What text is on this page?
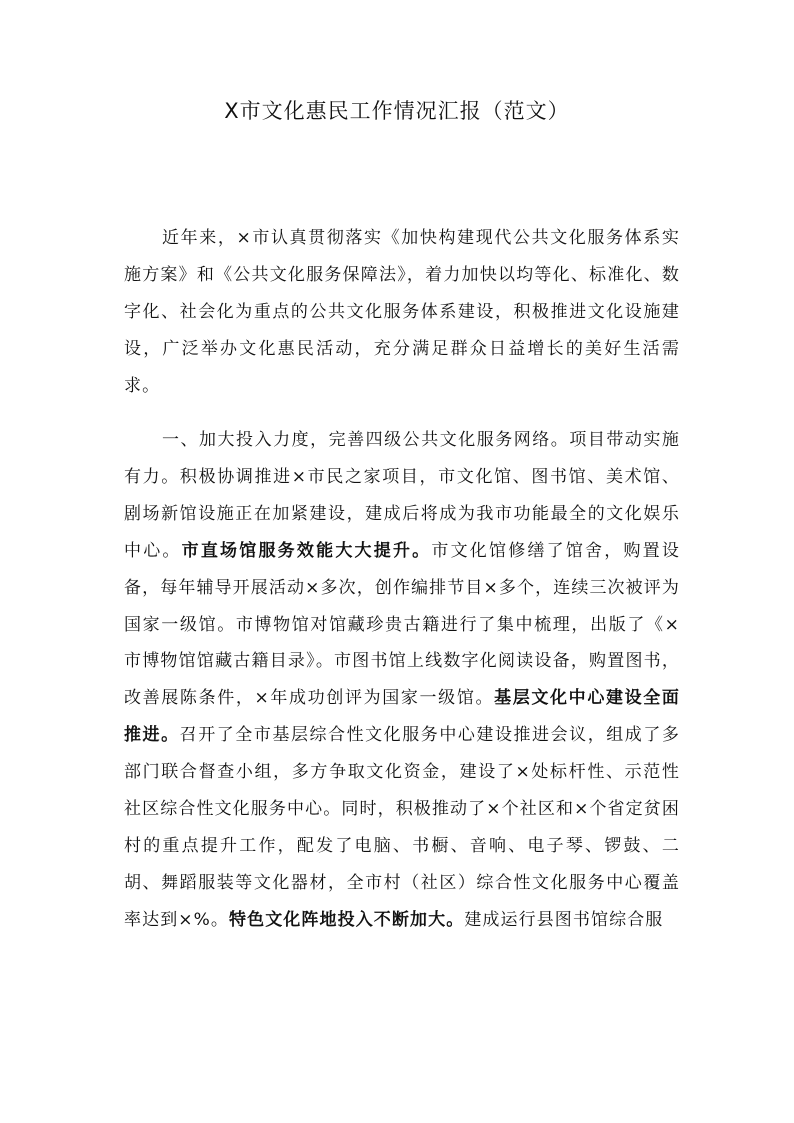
X市文化惠民工作情况汇报（范文）

近年来，×市认真贯彻落实《加快构建现代公共文化服务体系实施方案》和《公共文化服务保障法》，着力加快以均等化、标准化、数字化、社会化为重点的公共文化服务体系建设，积极推进文化设施建设，广泛举办文化惠民活动，充分满足群众日益增长的美好生活需求。

一、加大投入力度，完善四级公共文化服务网络。项目带动实施有力。积极协调推进×市民之家项目，市文化馆、图书馆、美术馆、剧场新馆设施正在加紧建设，建成后将成为我市功能最全的文化娱乐中心。市直场馆服务效能大大提升。市文化馆修缮了馆舍，购置设备，每年辅导开展活动×多次，创作编排节目×多个，连续三次被评为国家一级馆。市博物馆对馆藏珍贵古籍进行了集中梳理，出版了《×市博物馆馆藏古籍目录》。市图书馆上线数字化阅读设备，购置图书，改善展陈条件，×年成功创评为国家一级馆。基层文化中心建设全面推进。召开了全市基层综合性文化服务中心建设推进会议，组成了多部门联合督查小组，多方争取文化资金，建设了×处标杆性、示范性社区综合性文化服务中心。同时，积极推动了×个社区和×个省定贫困村的重点提升工作，配发了电脑、书橱、音响、电子琴、锣鼓、二胡、舞蹈服装等文化器材，全市村（社区）综合性文化服务中心覆盖率达到×%。特色文化阵地投入不断加大。建成运行县图书馆综合服
